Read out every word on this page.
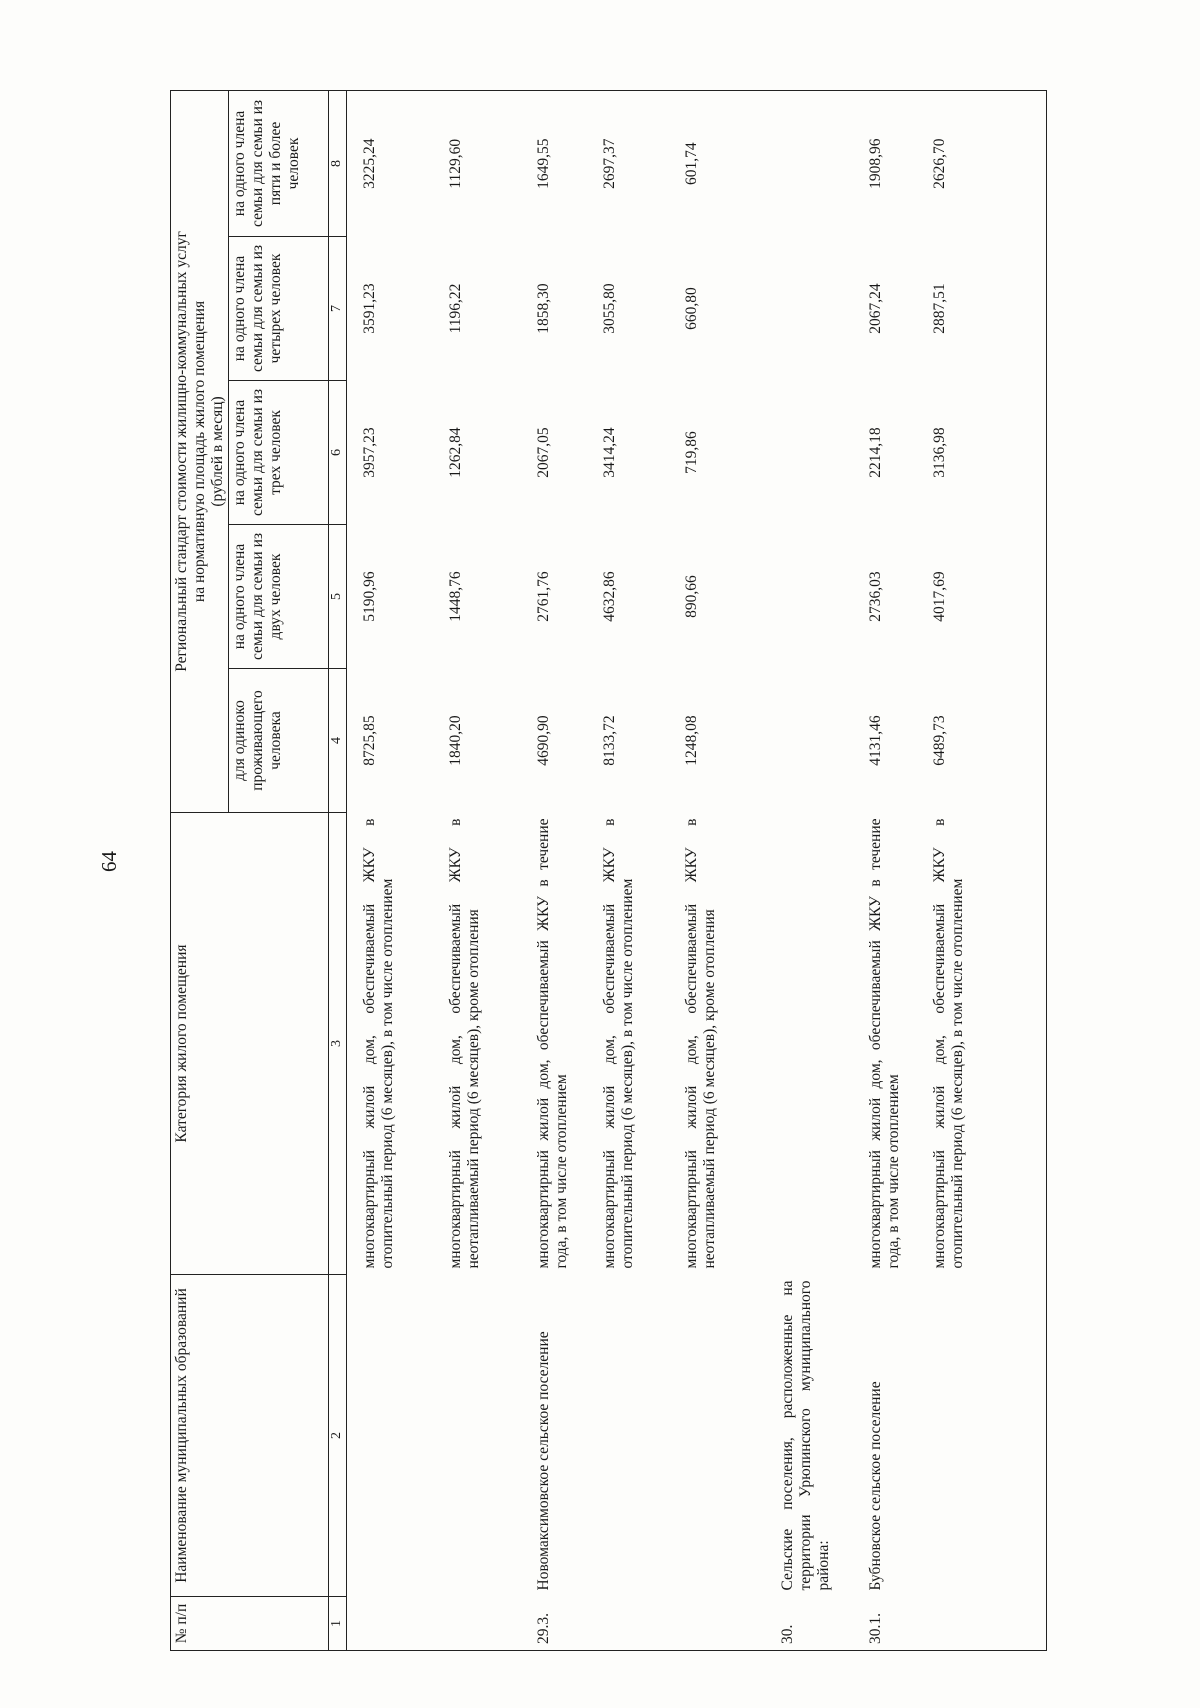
64
№ п/п	Наименование муниципальных образований	Категория жилого помещения	Региональный стандарт стоимости жилищно-коммунальных услуг на нормативную площадь жилого помещения (рублей в месяц)				

			для одиноко проживающего человека	на одного члена семьи для семьи из двух человек	на одного члена семьи для семьи из трех человек	на одного члена семьи для семьи из четырех человек	на одного члена семьи для семьи из пяти и более человек
1	2	3	4	5	6	7	8
		многоквартирный жилой дом, обеспечиваемый ЖКУ в отопительный период (6 месяцев), в том числе отоплением	8725,85	5190,96	3957,23	3591,23	3225,24
		многоквартирный жилой дом, обеспечиваемый ЖКУ в неотапливаемый период (6 месяцев), кроме отопления	1840,20	1448,76	1262,84	1196,22	1129,60
29.3.	Новомаксимовское сельское поселение	многоквартирный жилой дом, обеспечиваемый ЖКУ в течение года, в том числе отоплением	4690,90	2761,76	2067,05	1858,30	1649,55
		многоквартирный жилой дом, обеспечиваемый ЖКУ в отопительный период (6 месяцев), в том числе отоплением	8133,72	4632,86	3414,24	3055,80	2697,37
		многоквартирный жилой дом, обеспечиваемый ЖКУ в неотапливаемый период (6 месяцев), кроме отопления	1248,08	890,66	719,86	660,80	601,74
30.	Сельские поселения, расположенные на территории Урюпинского муниципального района:						
30.1.	Бубновское сельское поселение	многоквартирный жилой дом, обеспечиваемый ЖКУ в течение года, в том числе отоплением	4131,46	2736,03	2214,18	2067,24	1908,96
		многоквартирный жилой дом, обеспечиваемый ЖКУ в отопительный период (6 месяцев), в том числе отоплением	6489,73	4017,69	3136,98	2887,51	2626,70
